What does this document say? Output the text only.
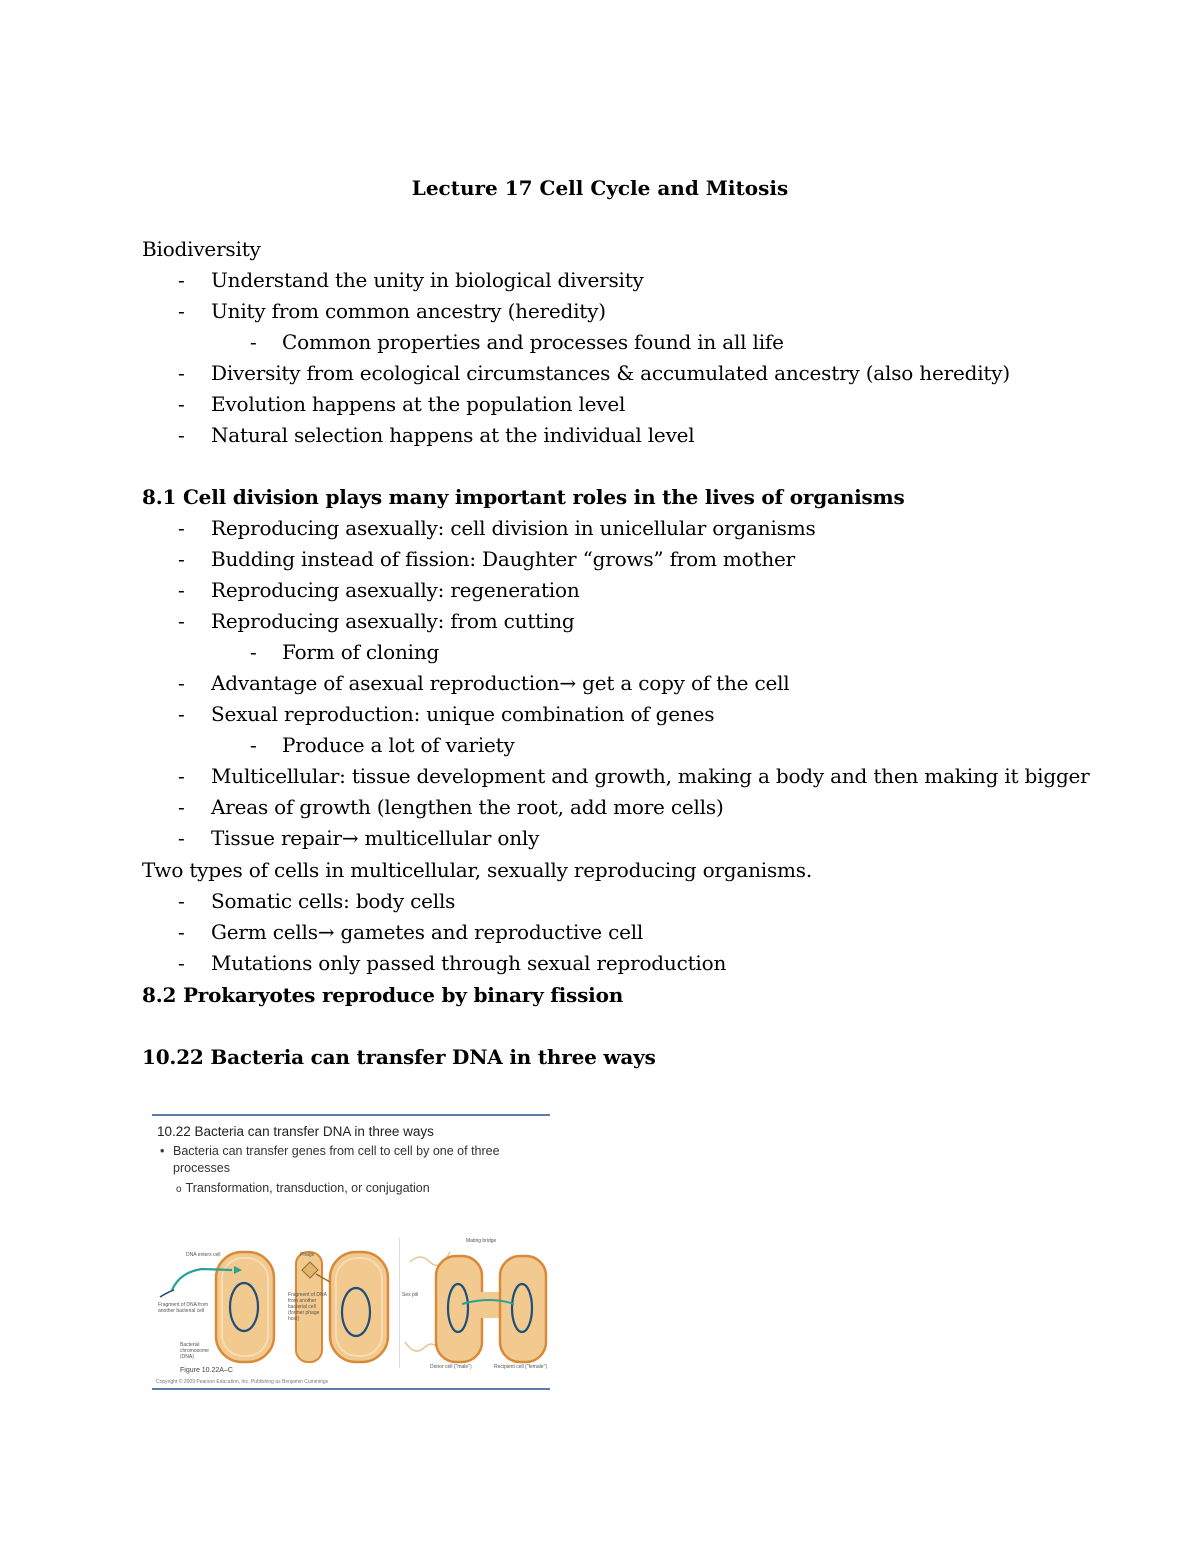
Lecture 17 Cell Cycle and Mitosis
Biodiversity
- Understand the unity in biological diversity
- Unity from common ancestry (heredity)
- Common properties and processes found in all life
- Diversity from ecological circumstances & accumulated ancestry (also heredity)
- Evolution happens at the population level
- Natural selection happens at the individual level
8.1 Cell division plays many important roles in the lives of organisms
- Reproducing asexually: cell division in unicellular organisms
- Budding instead of fission: Daughter “grows” from mother
- Reproducing asexually: regeneration
- Reproducing asexually: from cutting
- Form of cloning
- Advantage of asexual reproduction→ get a copy of the cell
- Sexual reproduction: unique combination of genes
- Produce a lot of variety
- Multicellular: tissue development and growth, making a body and then making it bigger
- Areas of growth (lengthen the root, add more cells)
- Tissue repair→ multicellular only
Two types of cells in multicellular, sexually reproducing organisms.
- Somatic cells: body cells
- Germ cells→ gametes and reproductive cell
- Mutations only passed through sexual reproduction
8.2 Prokaryotes reproduce by binary fission
10.22 Bacteria can transfer DNA in three ways
10.22 Bacteria can transfer DNA in three ways
• Bacteria can transfer genes from cell to cell by one of three processes
o Transformation, transduction, or conjugation
DNA enters cell
Fragment of DNA from another bacterial cell
Bacterial chromosome (DNA)
Phage
Fragment of DNA from another bacterial cell (former phage host)
Mating bridge
Sex pili
Donor cell ("male")	Recipient cell ("female")
Figure 10.22A–C
Copyright © 2009 Pearson Education, Inc. Publishing as Benjamin Cummings
